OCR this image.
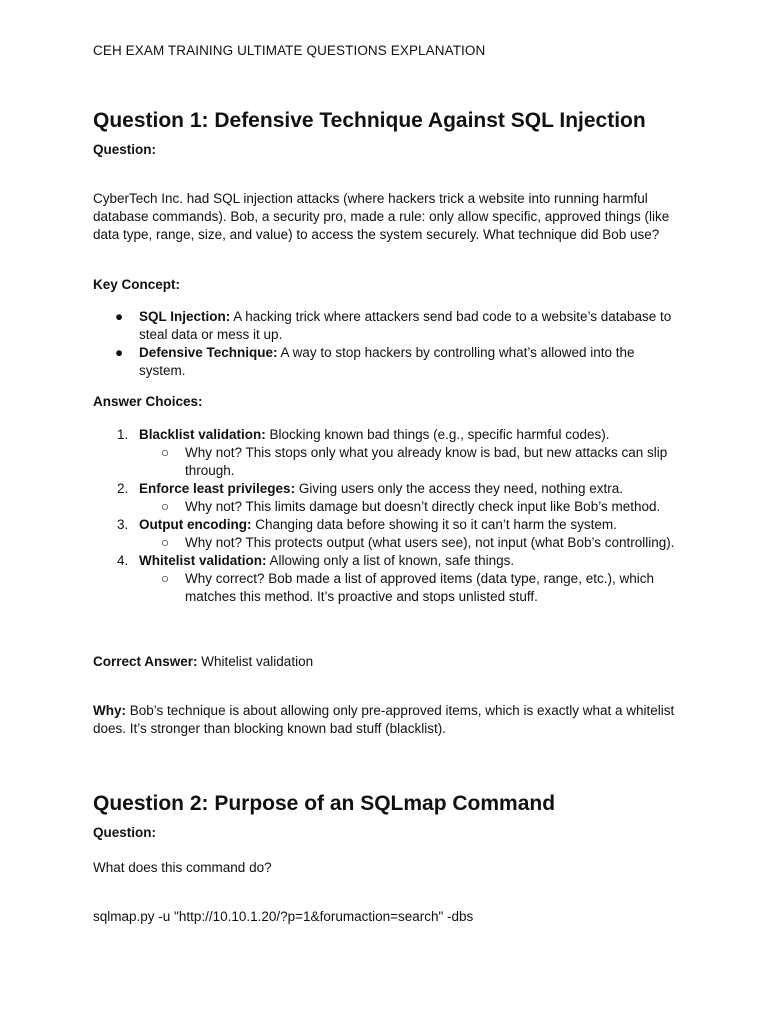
CEH EXAM TRAINING ULTIMATE QUESTIONS EXPLANATION
Question 1: Defensive Technique Against SQL Injection
Question:
CyberTech Inc. had SQL injection attacks (where hackers trick a website into running harmful database commands). Bob, a security pro, made a rule: only allow specific, approved things (like data type, range, size, and value) to access the system securely. What technique did Bob use?
Key Concept:
● SQL Injection: A hacking trick where attackers send bad code to a website’s database to steal data or mess it up.
● Defensive Technique: A way to stop hackers by controlling what’s allowed into the system.
Answer Choices:
1. Blacklist validation: Blocking known bad things (e.g., specific harmful codes).
○ Why not? This stops only what you already know is bad, but new attacks can slip through.
2. Enforce least privileges: Giving users only the access they need, nothing extra.
○ Why not? This limits damage but doesn’t directly check input like Bob’s method.
3. Output encoding: Changing data before showing it so it can’t harm the system.
○ Why not? This protects output (what users see), not input (what Bob’s controlling).
4. Whitelist validation: Allowing only a list of known, safe things.
○ Why correct? Bob made a list of approved items (data type, range, etc.), which matches this method. It’s proactive and stops unlisted stuff.
Correct Answer: Whitelist validation
Why: Bob’s technique is about allowing only pre-approved items, which is exactly what a whitelist does. It’s stronger than blocking known bad stuff (blacklist).
Question 2: Purpose of an SQLmap Command
Question:
What does this command do?
sqlmap.py -u "http://10.10.1.20/?p=1&forumaction=search" -dbs
